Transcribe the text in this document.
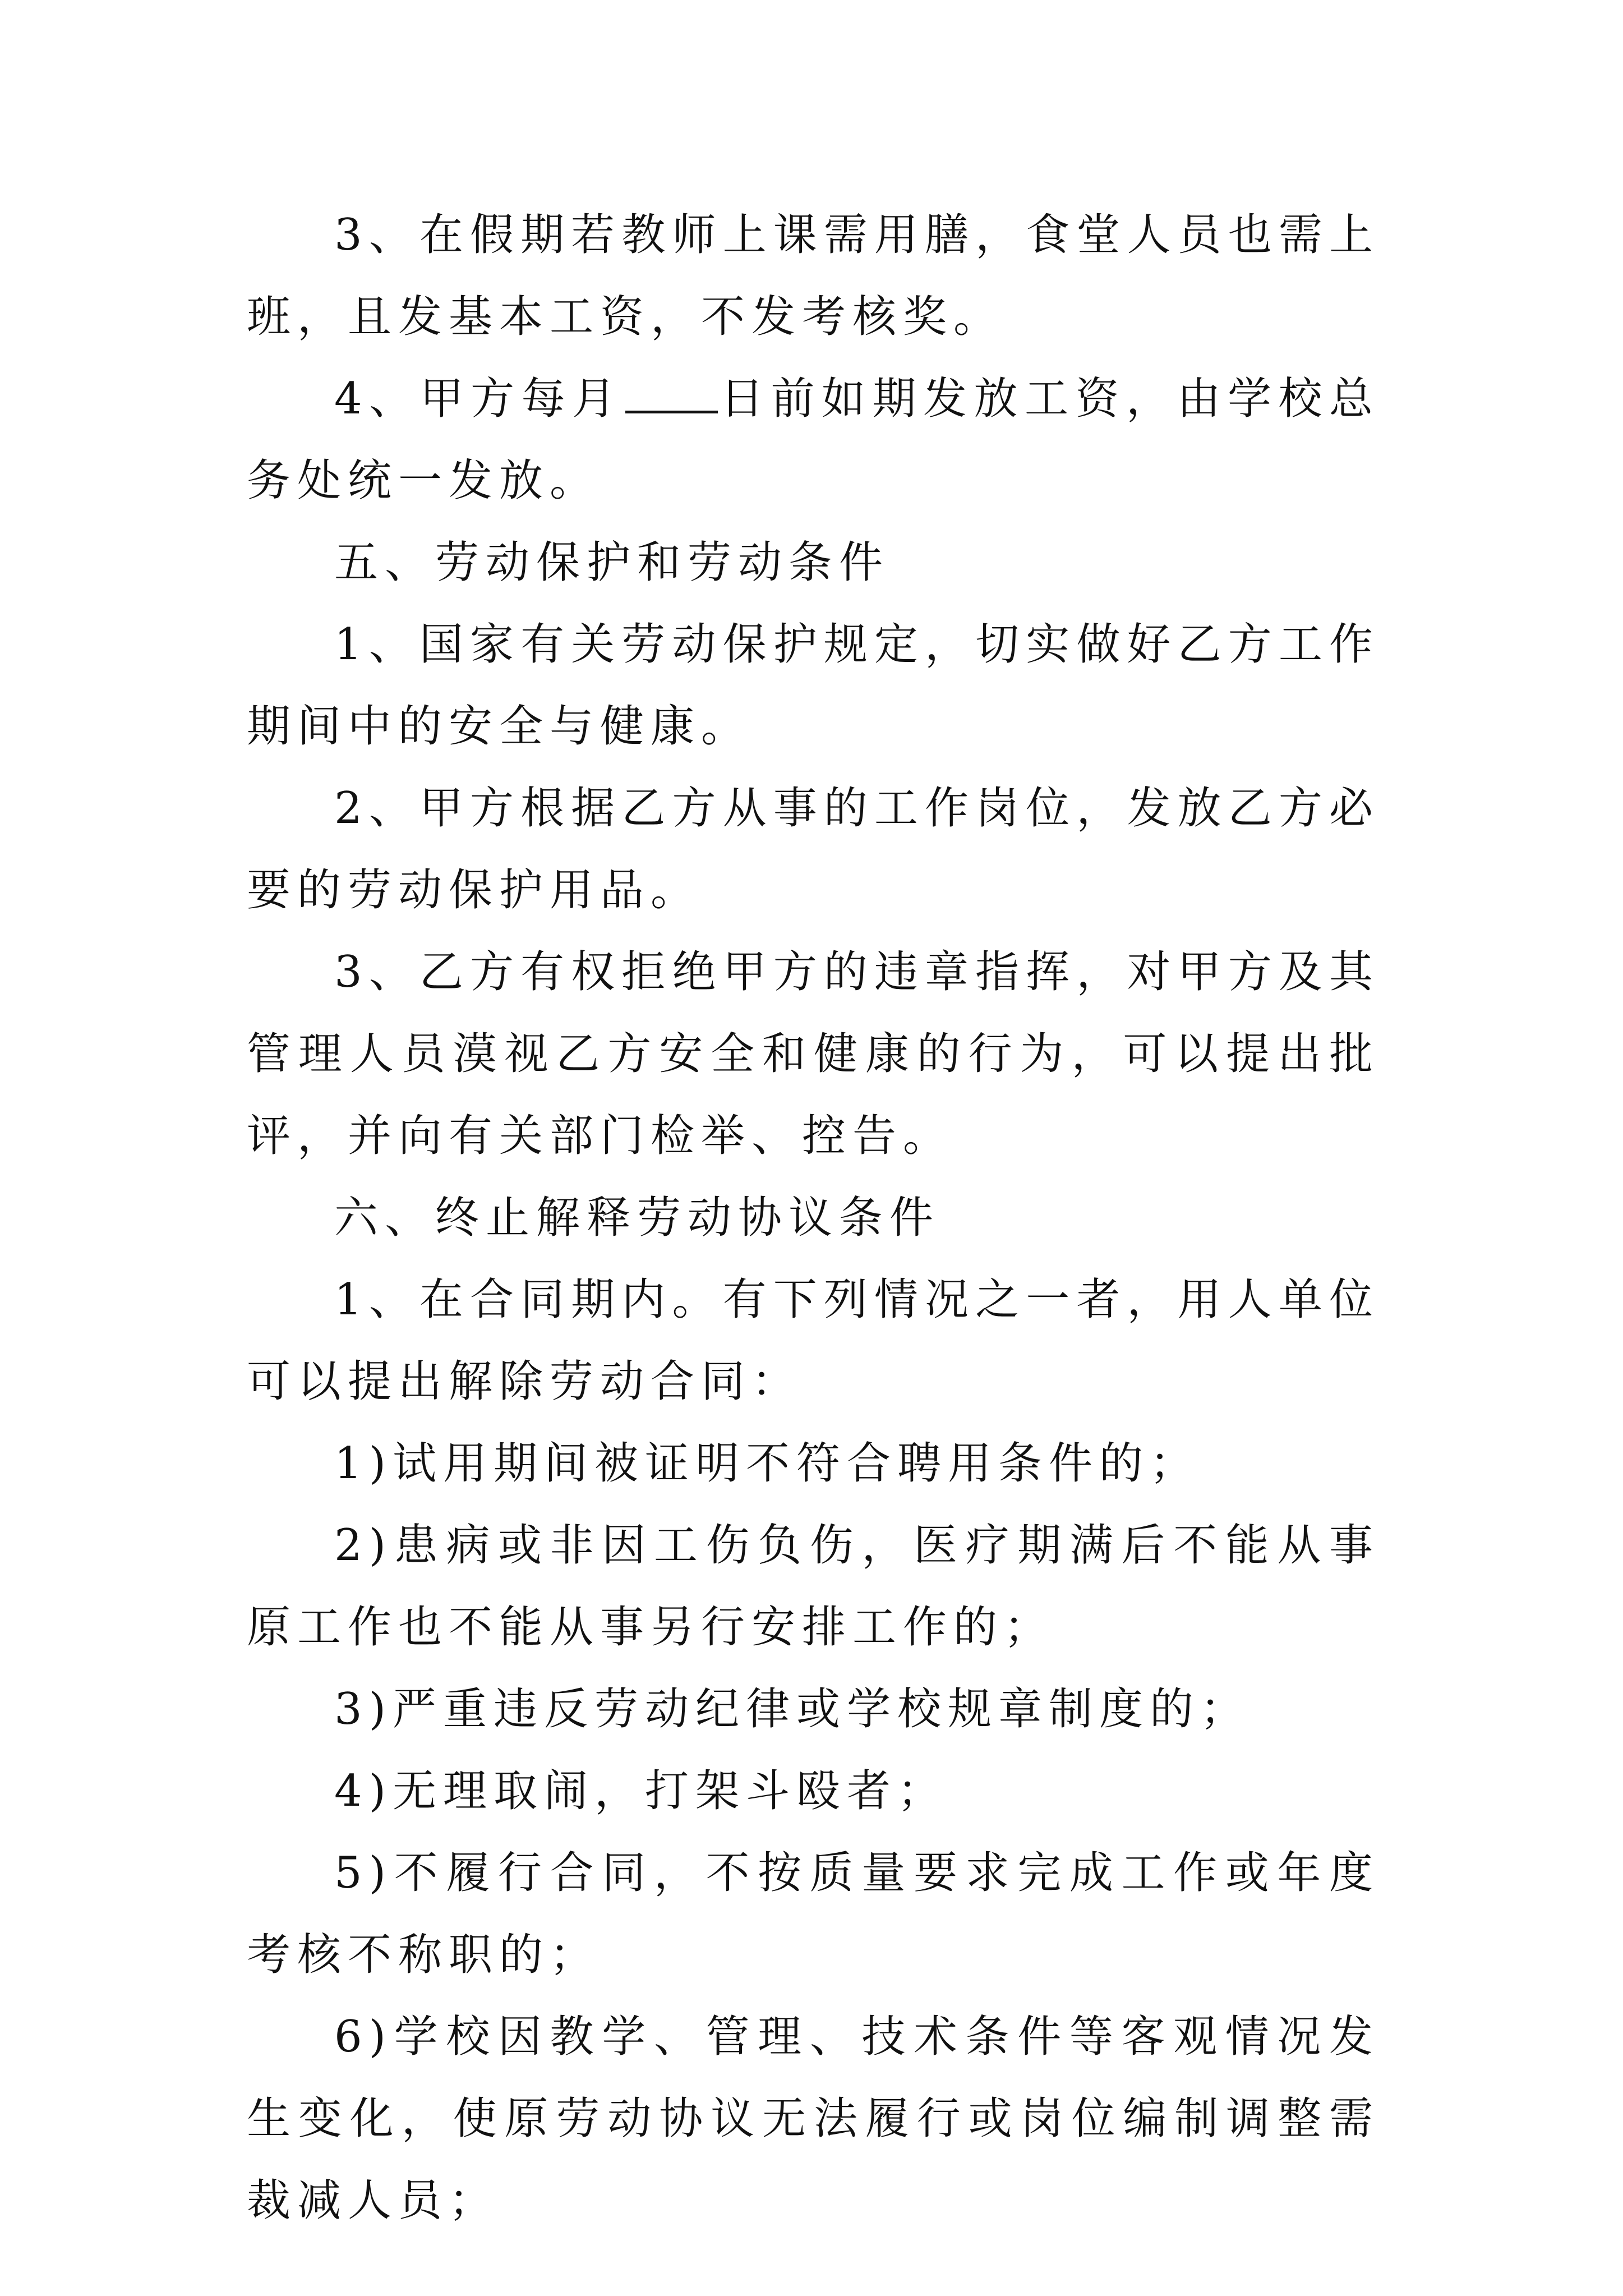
3、在假期若教师上课需用膳，食堂人员也需上班，且发基本工资，不发考核奖。

4、甲方每月 日前如期发放工资，由学校总务处统一发放。

五、劳动保护和劳动条件

1、国家有关劳动保护规定，切实做好乙方工作期间中的安全与健康。

2、甲方根据乙方从事的工作岗位，发放乙方必要的劳动保护用品。

3、乙方有权拒绝甲方的违章指挥，对甲方及其管理人员漠视乙方安全和健康的行为，可以提出批评，并向有关部门检举、控告。

六、终止解释劳动协议条件

1、在合同期内。有下列情况之一者，用人单位可以提出解除劳动合同：

1)试用期间被证明不符合聘用条件的；

2)患病或非因工伤负伤，医疗期满后不能从事原工作也不能从事另行安排工作的；

3)严重违反劳动纪律或学校规章制度的；

4)无理取闹，打架斗殴者；

5)不履行合同，不按质量要求完成工作或年度考核不称职的；

6)学校因教学、管理、技术条件等客观情况发生变化，使原劳动协议无法履行或岗位编制调整需裁减人员；
